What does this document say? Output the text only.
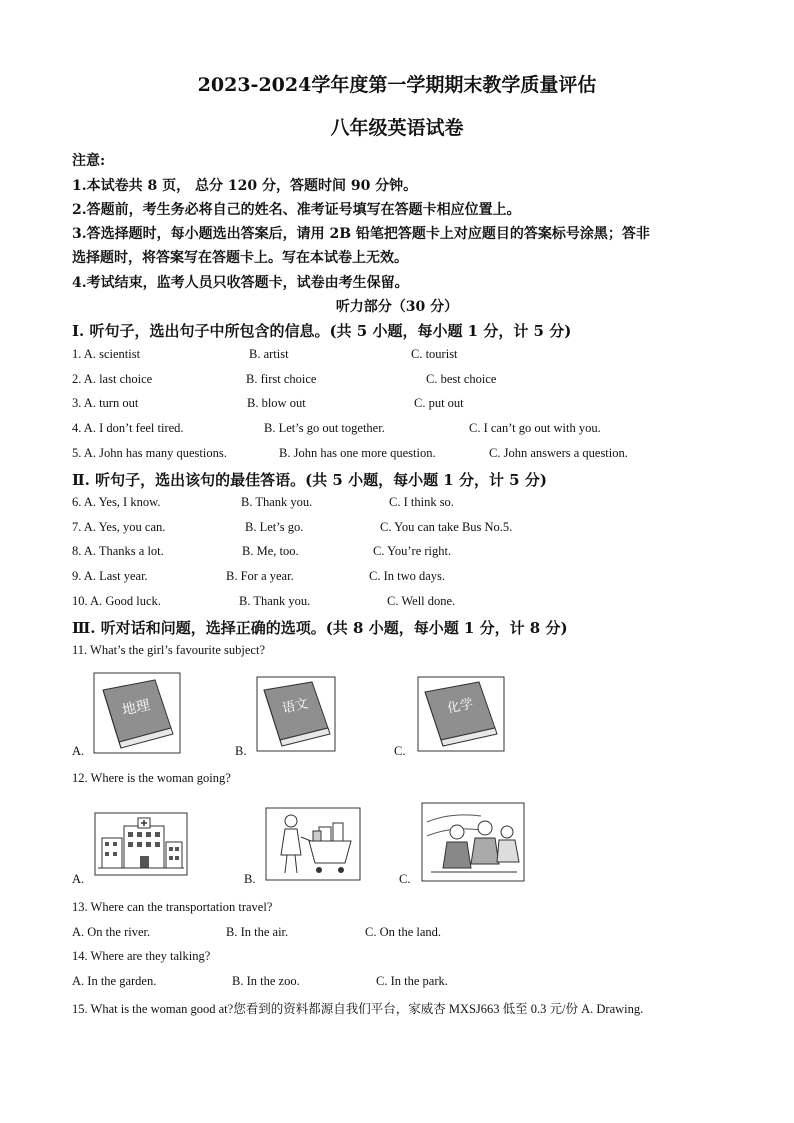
2023-2024学年度第一学期期末教学质量评估
八年级英语试卷
注意:
1.本试卷共 8 页， 总分 120 分，答题时间 90 分钟。
2.答题前，考生务必将自己的姓名、准考证号填写在答题卡相应位置上。
3.答选择题时，每小题选出答案后，请用 2B 铅笔把答题卡上对应题目的答案标号涂黑；答非
选择题时，将答案写在答题卡上。写在本试卷上无效。
4.考试结束，监考人员只收答题卡，试卷由考生保留。
听力部分（30 分）
Ⅰ. 听句子，选出句子中所包含的信息。(共 5 小题，每小题 1 分，计 5 分)
1. A. scientist	B. artist	C. tourist
2. A. last choice	B. first choice	C. best choice
3. A. turn out	B. blow out	C. put out
4. A. I don’t feel tired.	B. Let’s go out together.	C. I can’t go out with you.
5. A. John has many questions.	B. John has one more question.	C. John answers a question.
Ⅱ. 听句子，选出该句的最佳答语。(共 5 小题，每小题 1 分，计 5 分)
6. A. Yes, I know.	B. Thank you.	C. I think so.
7. A. Yes, you can.	B. Let’s go.	C. You can take Bus No.5.
8. A. Thanks a lot.	B. Me, too.	C. You’re right.
9. A. Last year.	B. For a year.	C. In two days.
10. A. Good luck.	B. Thank you.	C. Well done.
Ⅲ. 听对话和问题，选择正确的选项。(共 8 小题，每小题 1 分，计 8 分)
11. What’s the girl’s favourite subject?
A.
地理
B.
语文
C.
化学
12. Where is the woman going?
A.	B.	C.
13. Where can the transportation travel?
A. On the river.	B. In the air.	C. On the land.
14. Where are they talking?
A. In the garden.	B. In the zoo.	C. In the park.
15. What is the woman good at?您看到的资料都源自我们平台，家威杏 MXSJ663 低至 0.3 元/份 A. Drawing.
